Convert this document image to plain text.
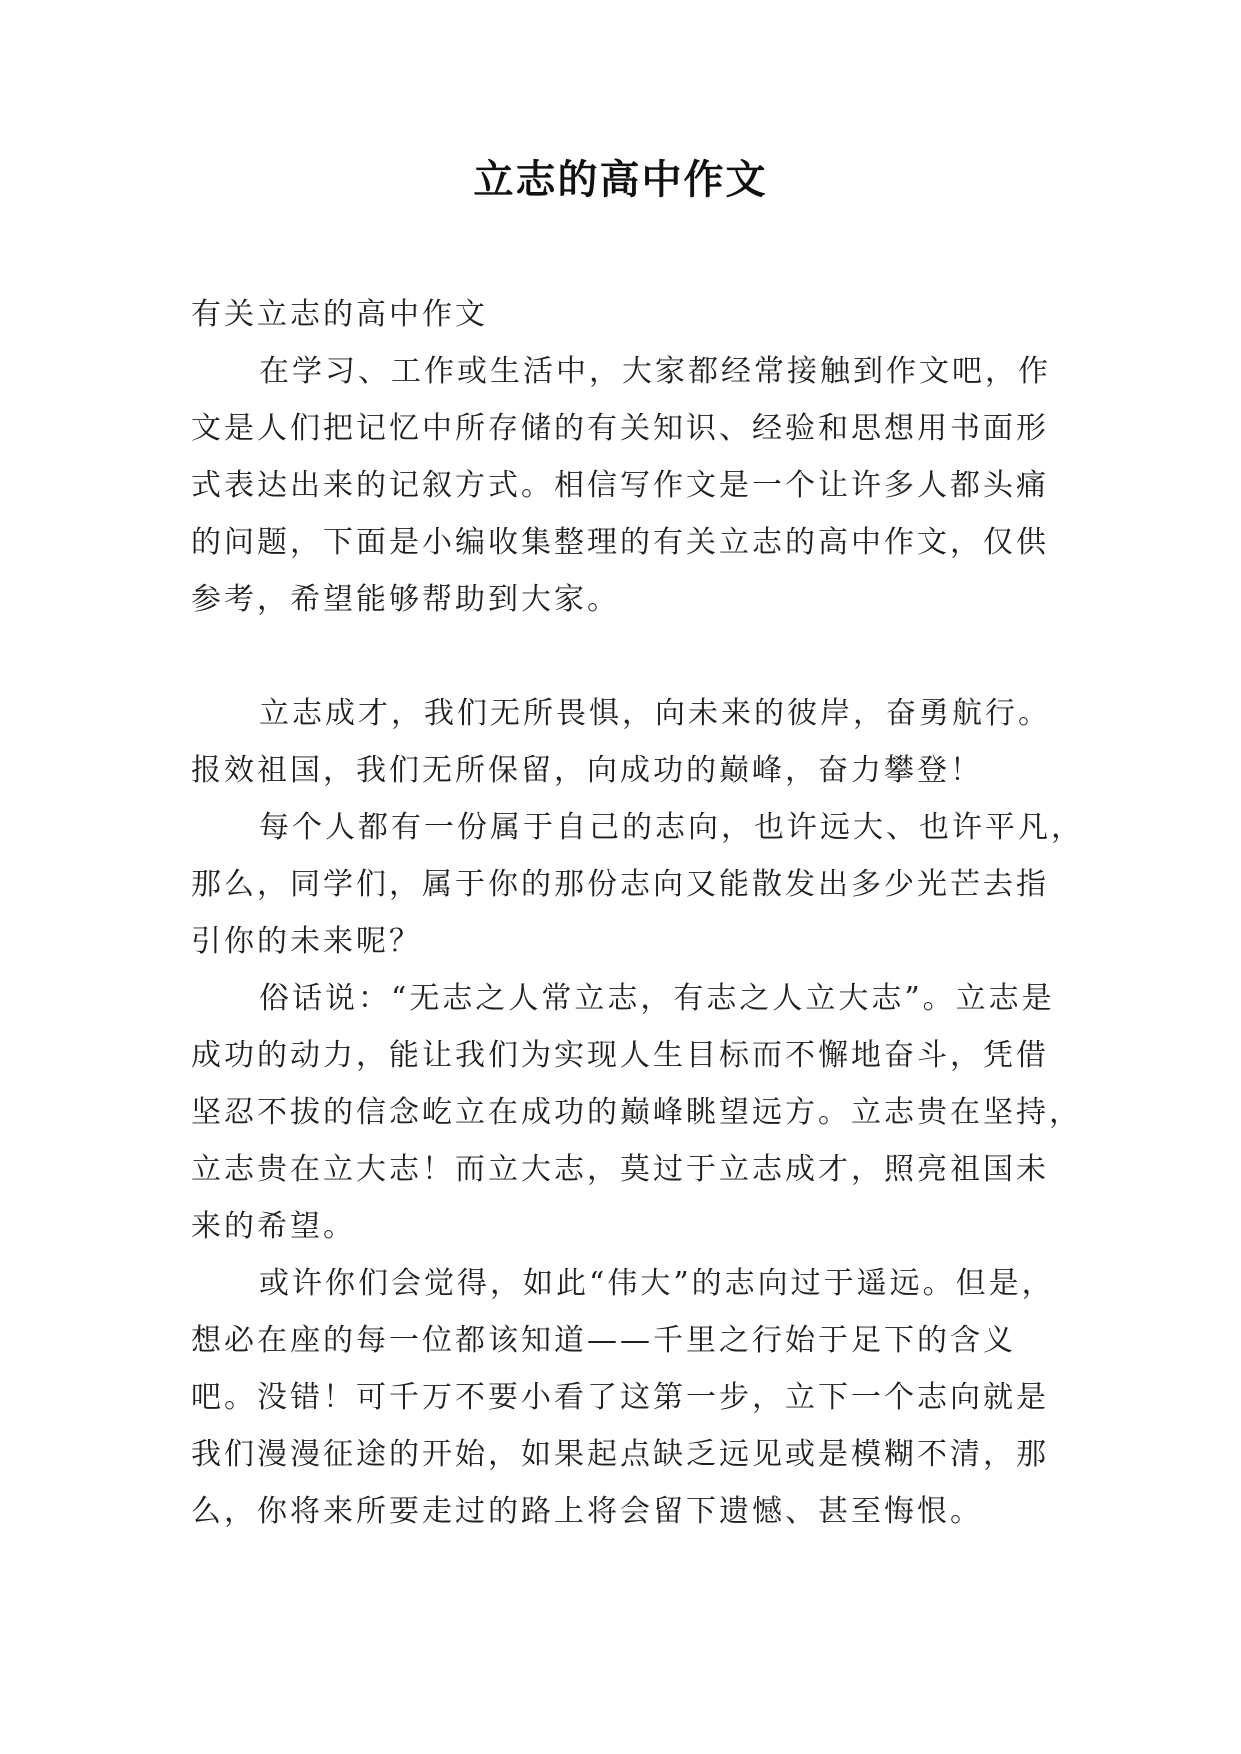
立志的高中作文
有关立志的高中作文
在学习、工作或生活中，大家都经常接触到作文吧，作
文是人们把记忆中所存储的有关知识、经验和思想用书面形
式表达出来的记叙方式。相信写作文是一个让许多人都头痛
的问题，下面是小编收集整理的有关立志的高中作文，仅供
参考，希望能够帮助到大家。
立志成才，我们无所畏惧，向未来的彼岸，奋勇航行。
报效祖国，我们无所保留，向成功的巅峰，奋力攀登！
每个人都有一份属于自己的志向，也许远大、也许平凡，
那么，同学们，属于你的那份志向又能散发出多少光芒去指
引你的未来呢？
俗话说：“无志之人常立志，有志之人立大志”。立志是
成功的动力，能让我们为实现人生目标而不懈地奋斗，凭借
坚忍不拔的信念屹立在成功的巅峰眺望远方。立志贵在坚持，
立志贵在立大志！而立大志，莫过于立志成才，照亮祖国未
来的希望。
或许你们会觉得，如此“伟大”的志向过于遥远。但是，
想必在座的每一位都该知道——千里之行始于足下的含义
吧。没错！可千万不要小看了这第一步，立下一个志向就是
我们漫漫征途的开始，如果起点缺乏远见或是模糊不清，那
么，你将来所要走过的路上将会留下遗憾、甚至悔恨。
